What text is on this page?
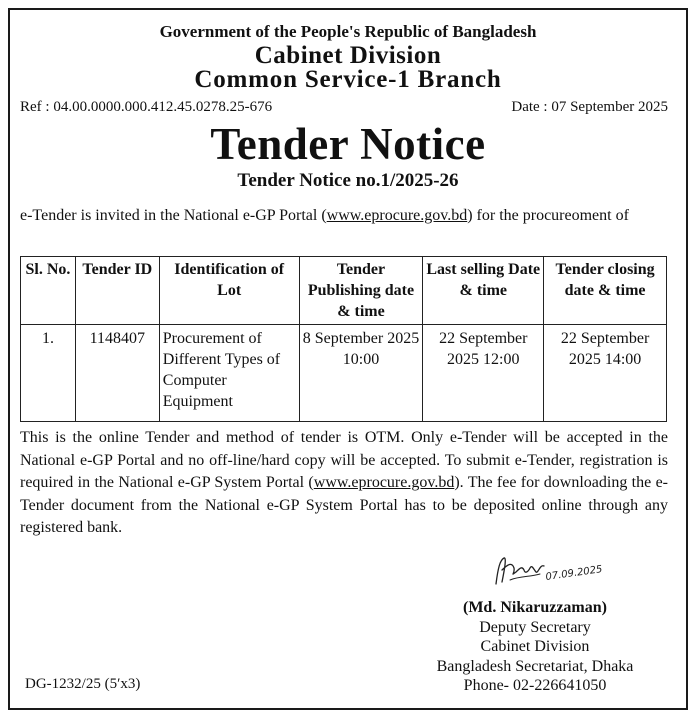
Government of the People's Republic of Bangladesh
Cabinet Division
Common Service-1 Branch
Ref : 04.00.0000.000.412.45.0278.25-676	Date : 07 September 2025
Tender Notice
Tender Notice no.1/2025-26
e-Tender is invited in the National e-GP Portal (www.eprocure.gov.bd) for the procureoment of
Sl. No.	Tender ID	Identification of Lot	Tender Publishing date & time	Last selling Date & time	Tender closing date & time
1.	1148407	Procurement of Different Types of Computer Equipment	8 September 2025 10:00	22 September 2025 12:00	22 September 2025 14:00
This is the online Tender and method of tender is OTM. Only e-Tender will be accepted in the National e-GP Portal and no off-line/hard copy will be accepted. To submit e-Tender, registration is required in the National e-GP System Portal (www.eprocure.gov.bd). The fee for downloading the e-Tender document from the National e-GP System Portal has to be deposited online through any registered bank.
07.09.2025
(Md. Nikaruzzaman)
Deputy Secretary
Cabinet Division
Bangladesh Secretariat, Dhaka
Phone- 02-226641050
DG-1232/25 (5′x3)
